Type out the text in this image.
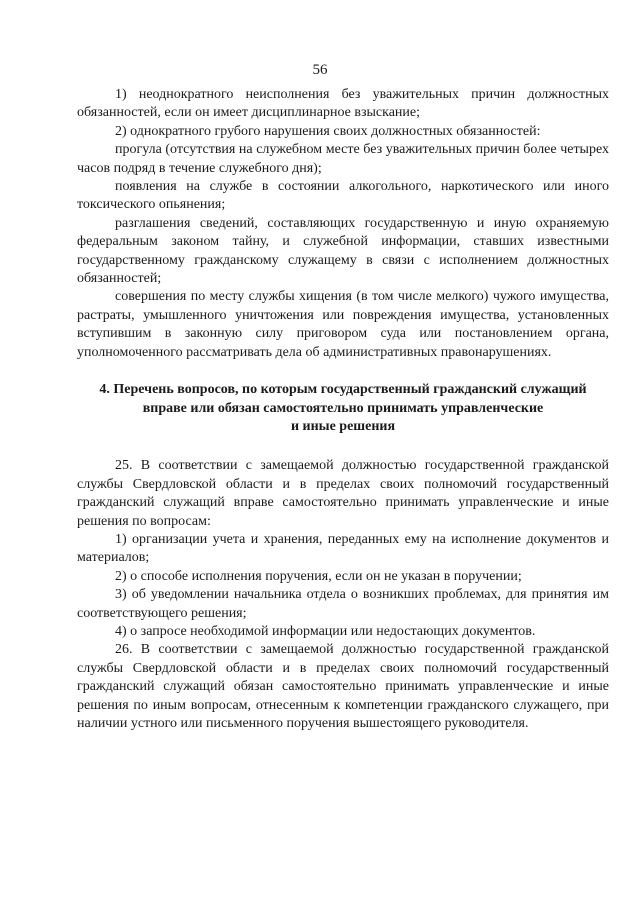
56

1) неоднократного неисполнения без уважительных причин должностных обязанностей, если он имеет дисциплинарное взыскание;

2) однократного грубого нарушения своих должностных обязанностей:

прогула (отсутствия на служебном месте без уважительных причин более четырех часов подряд в течение служебного дня);

появления на службе в состоянии алкогольного, наркотического или иного токсического опьянения;

разглашения сведений, составляющих государственную и иную охраняемую федеральным законом тайну, и служебной информации, ставших известными государственному гражданскому служащему в связи с исполнением должностных обязанностей;

совершения по месту службы хищения (в том числе мелкого) чужого имущества, растраты, умышленного уничтожения или повреждения имущества, установленных вступившим в законную силу приговором суда или постановлением органа, уполномоченного рассматривать дела об административных правонарушениях.

4. Перечень вопросов, по которым государственный гражданский служащий
вправе или обязан самостоятельно принимать управленческие
и иные решения

25. В соответствии с замещаемой должностью государственной гражданской службы Свердловской области и в пределах своих полномочий государственный гражданский служащий вправе самостоятельно принимать управленческие и иные решения по вопросам:

1) организации учета и хранения, переданных ему на исполнение документов и материалов;

2) о способе исполнения поручения, если он не указан в поручении;

3) об уведомлении начальника отдела о возникших проблемах, для принятия им соответствующего решения;

4) о запросе необходимой информации или недостающих документов.

26. В соответствии с замещаемой должностью государственной гражданской службы Свердловской области и в пределах своих полномочий государственный гражданский служащий обязан самостоятельно принимать управленческие и иные решения по иным вопросам, отнесенным к компетенции гражданского служащего, при наличии устного или письменного поручения вышестоящего руководителя.
